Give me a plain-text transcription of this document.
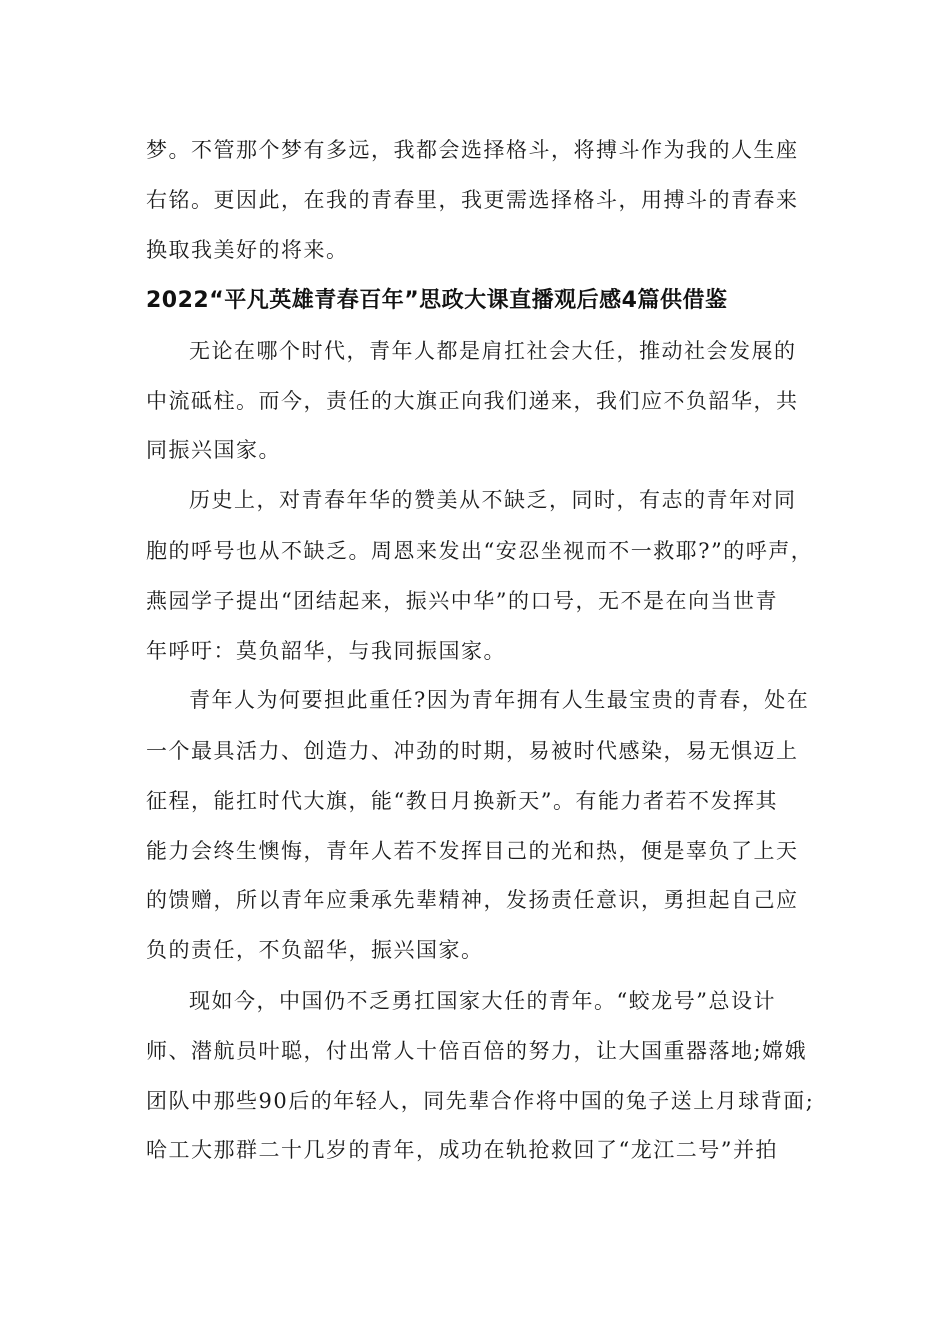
梦。不管那个梦有多远，我都会选择格斗，将搏斗作为我的人生座

右铭。更因此，在我的青春里，我更需选择格斗，用搏斗的青春来

换取我美好的将来。

2022“平凡英雄青春百年”思政大课直播观后感4篇供借鉴

无论在哪个时代，青年人都是肩扛社会大任，推动社会发展的

中流砥柱。而今，责任的大旗正向我们递来，我们应不负韶华，共

同振兴国家。

历史上，对青春年华的赞美从不缺乏，同时，有志的青年对同

胞的呼号也从不缺乏。周恩来发出“安忍坐视而不一救耶?”的呼声，

燕园学子提出“团结起来，振兴中华”的口号，无不是在向当世青

年呼吁：莫负韶华，与我同振国家。

青年人为何要担此重任?因为青年拥有人生最宝贵的青春，处在

一个最具活力、创造力、冲劲的时期，易被时代感染，易无惧迈上

征程，能扛时代大旗，能“教日月换新天”。有能力者若不发挥其

能力会终生懊悔，青年人若不发挥目己的光和热，便是辜负了上天

的馈赠，所以青年应秉承先辈精神，发扬责任意识，勇担起自己应

负的责任，不负韶华，振兴国家。

现如今，中国仍不乏勇扛国家大任的青年。“蛟龙号”总设计

师、潜航员叶聪，付出常人十倍百倍的努力，让大国重器落地;嫦娥

团队中那些90后的年轻人，同先辈合作将中国的兔子送上月球背面;

哈工大那群二十几岁的青年，成功在轨抢救回了“龙江二号”并拍
